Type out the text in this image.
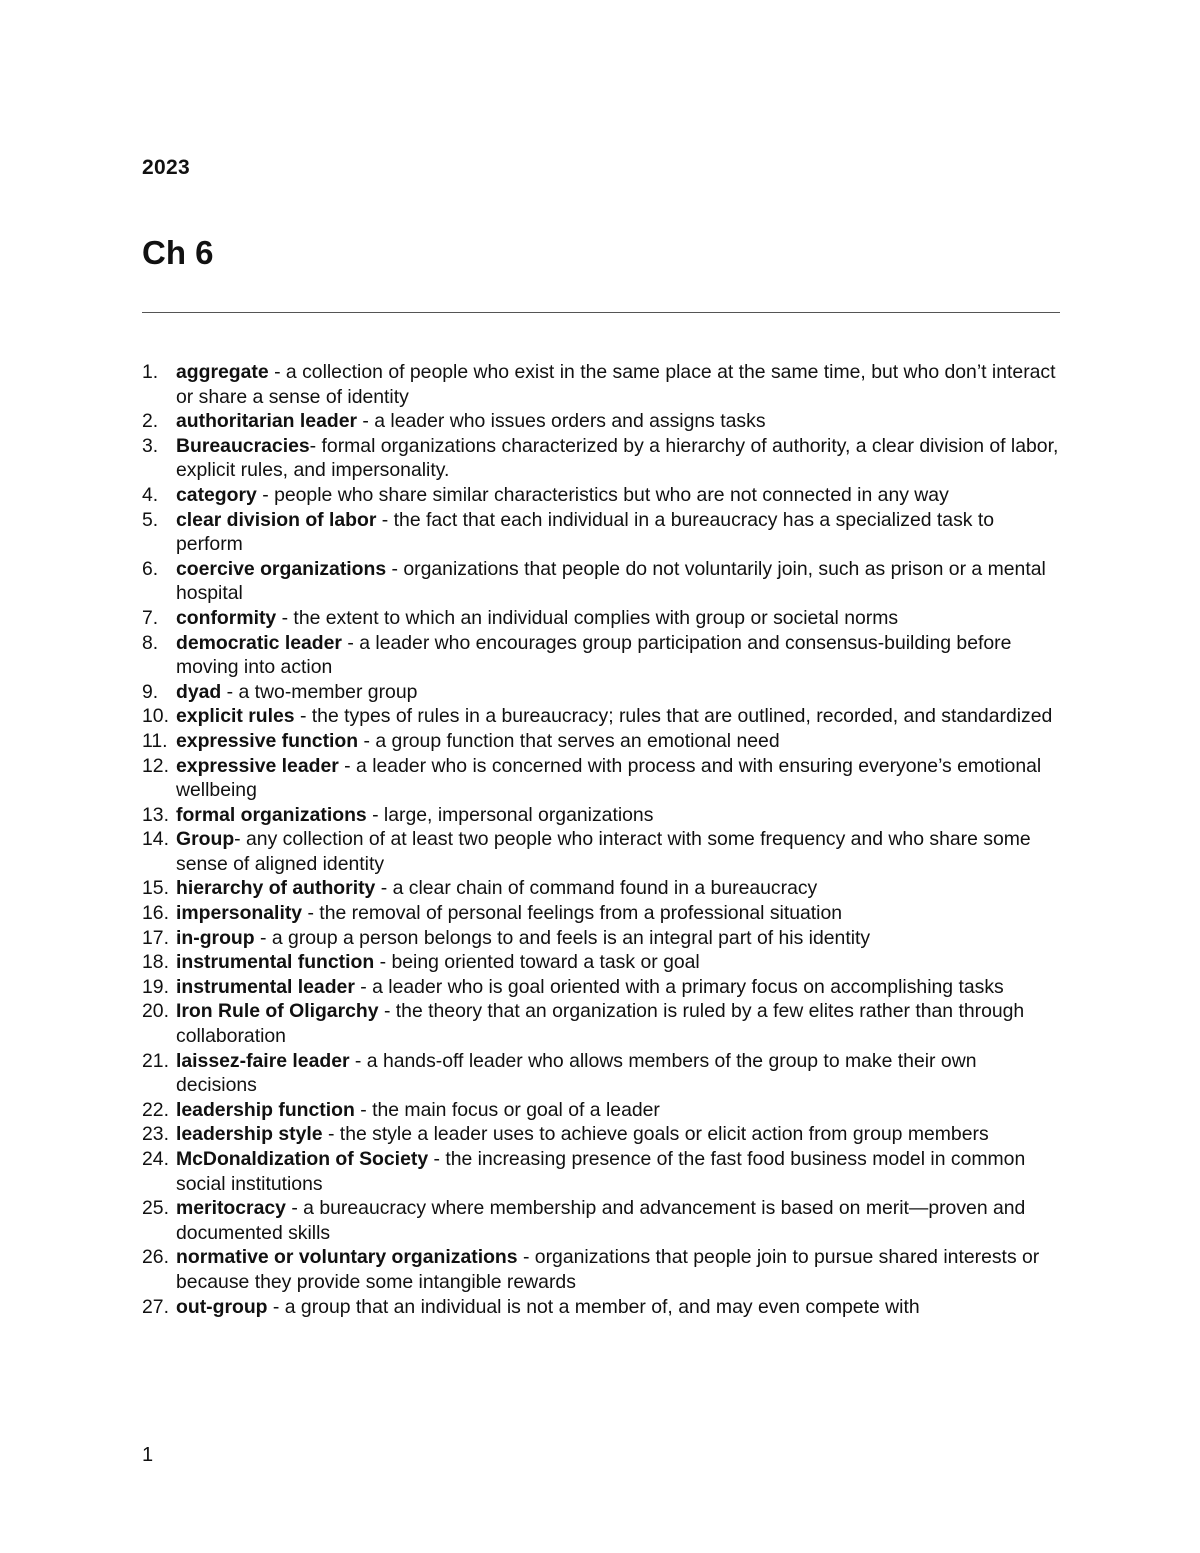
2023
Ch 6
1. aggregate - a collection of people who exist in the same place at the same time, but who don’t interact or share a sense of identity
2. authoritarian leader - a leader who issues orders and assigns tasks
3. Bureaucracies- formal organizations characterized by a hierarchy of authority, a clear division of labor, explicit rules, and impersonality.
4. category - people who share similar characteristics but who are not connected in any way
5. clear division of labor - the fact that each individual in a bureaucracy has a specialized task to perform
6. coercive organizations - organizations that people do not voluntarily join, such as prison or a mental hospital
7. conformity - the extent to which an individual complies with group or societal norms
8. democratic leader - a leader who encourages group participation and consensus-building before moving into action
9. dyad - a two-member group
10. explicit rules - the types of rules in a bureaucracy; rules that are outlined, recorded, and standardized
11. expressive function - a group function that serves an emotional need
12. expressive leader - a leader who is concerned with process and with ensuring everyone’s emotional wellbeing
13. formal organizations - large, impersonal organizations
14. Group- any collection of at least two people who interact with some frequency and who share some sense of aligned identity
15. hierarchy of authority - a clear chain of command found in a bureaucracy
16. impersonality - the removal of personal feelings from a professional situation
17. in-group - a group a person belongs to and feels is an integral part of his identity
18. instrumental function - being oriented toward a task or goal
19. instrumental leader - a leader who is goal oriented with a primary focus on accomplishing tasks
20. Iron Rule of Oligarchy - the theory that an organization is ruled by a few elites rather than through collaboration
21. laissez-faire leader - a hands-off leader who allows members of the group to make their own decisions
22. leadership function - the main focus or goal of a leader
23. leadership style - the style a leader uses to achieve goals or elicit action from group members
24. McDonaldization of Society - the increasing presence of the fast food business model in common social institutions
25. meritocracy - a bureaucracy where membership and advancement is based on merit—proven and documented skills
26. normative or voluntary organizations - organizations that people join to pursue shared interests or because they provide some intangible rewards
27. out-group - a group that an individual is not a member of, and may even compete with
1
